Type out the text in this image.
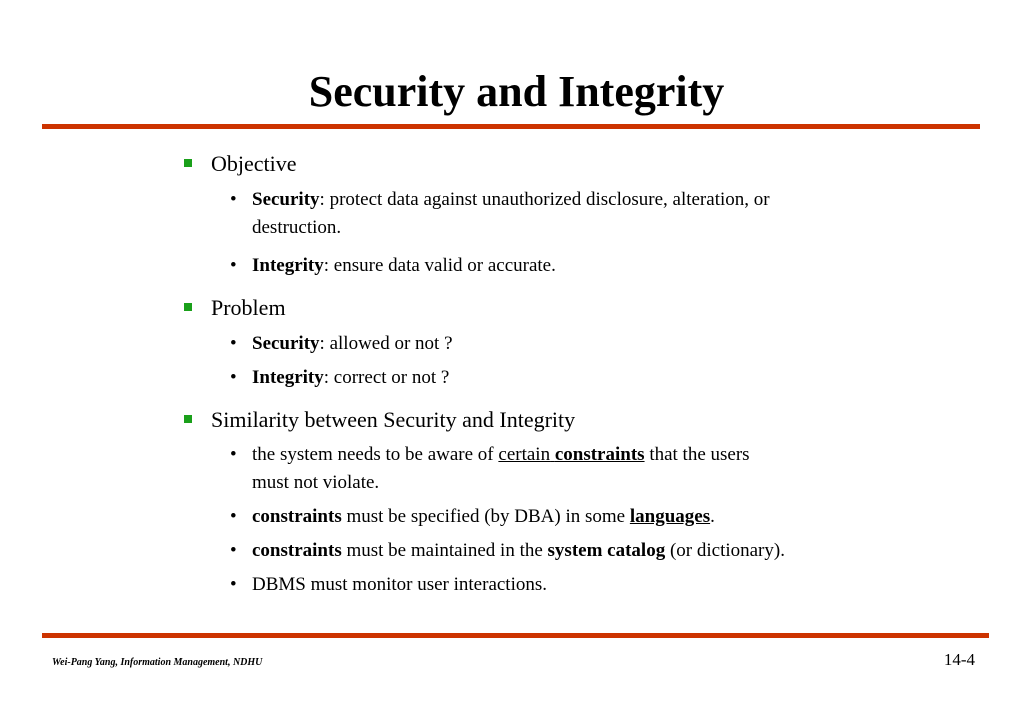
Security and Integrity
Objective
• Security: protect data against unauthorized disclosure, alteration, or
destruction.
• Integrity: ensure data valid or accurate.
Problem
• Security: allowed or not ?
• Integrity: correct or not ?
Similarity between Security and Integrity
• the system needs to be aware of certain constraints that the users
must not violate.
• constraints must be specified (by DBA) in some languages.
• constraints must be maintained in the system catalog (or dictionary).
• DBMS must monitor user interactions.
Wei-Pang Yang, Information Management, NDHU	14-4
